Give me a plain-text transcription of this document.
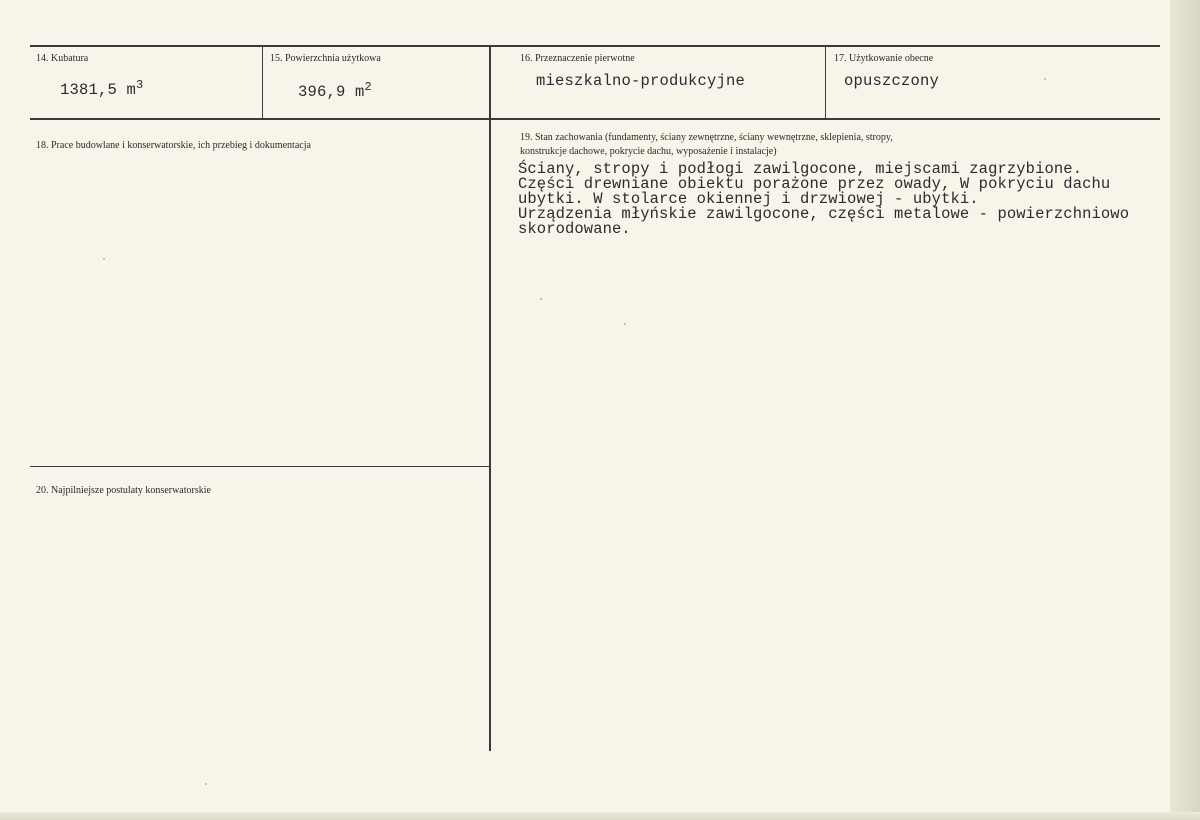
14. Kubatura
1381,5 $m^3$
15. Powierzchnia użytkowa
396,9 $m^2$
16. Przeznaczenie pierwotne
mieszkalno-produkcyjne
17. Użytkowanie obecne
opuszczony
18. Prace budowlane i konserwatorskie, ich przebieg i dokumentacja
19. Stan zachowania (fundamenty, ściany zewnętrzne, ściany wewnętrzne, sklepienia, stropy,
konstrukcje dachowe, pokrycie dachu, wyposażenie i instalacje)
Ściany, stropy i podłogi zawilgocone, miejscami zagrzybione.
Części drewniane obiektu porażone przez owady, W pokryciu dachu
ubytki. W stolarce okiennej i drzwiowej - ubytki.
Urządzenia młyńskie zawilgocone, części metalowe - powierzchniowo
skorodowane.
20. Najpilniejsze postulaty konserwatorskie
